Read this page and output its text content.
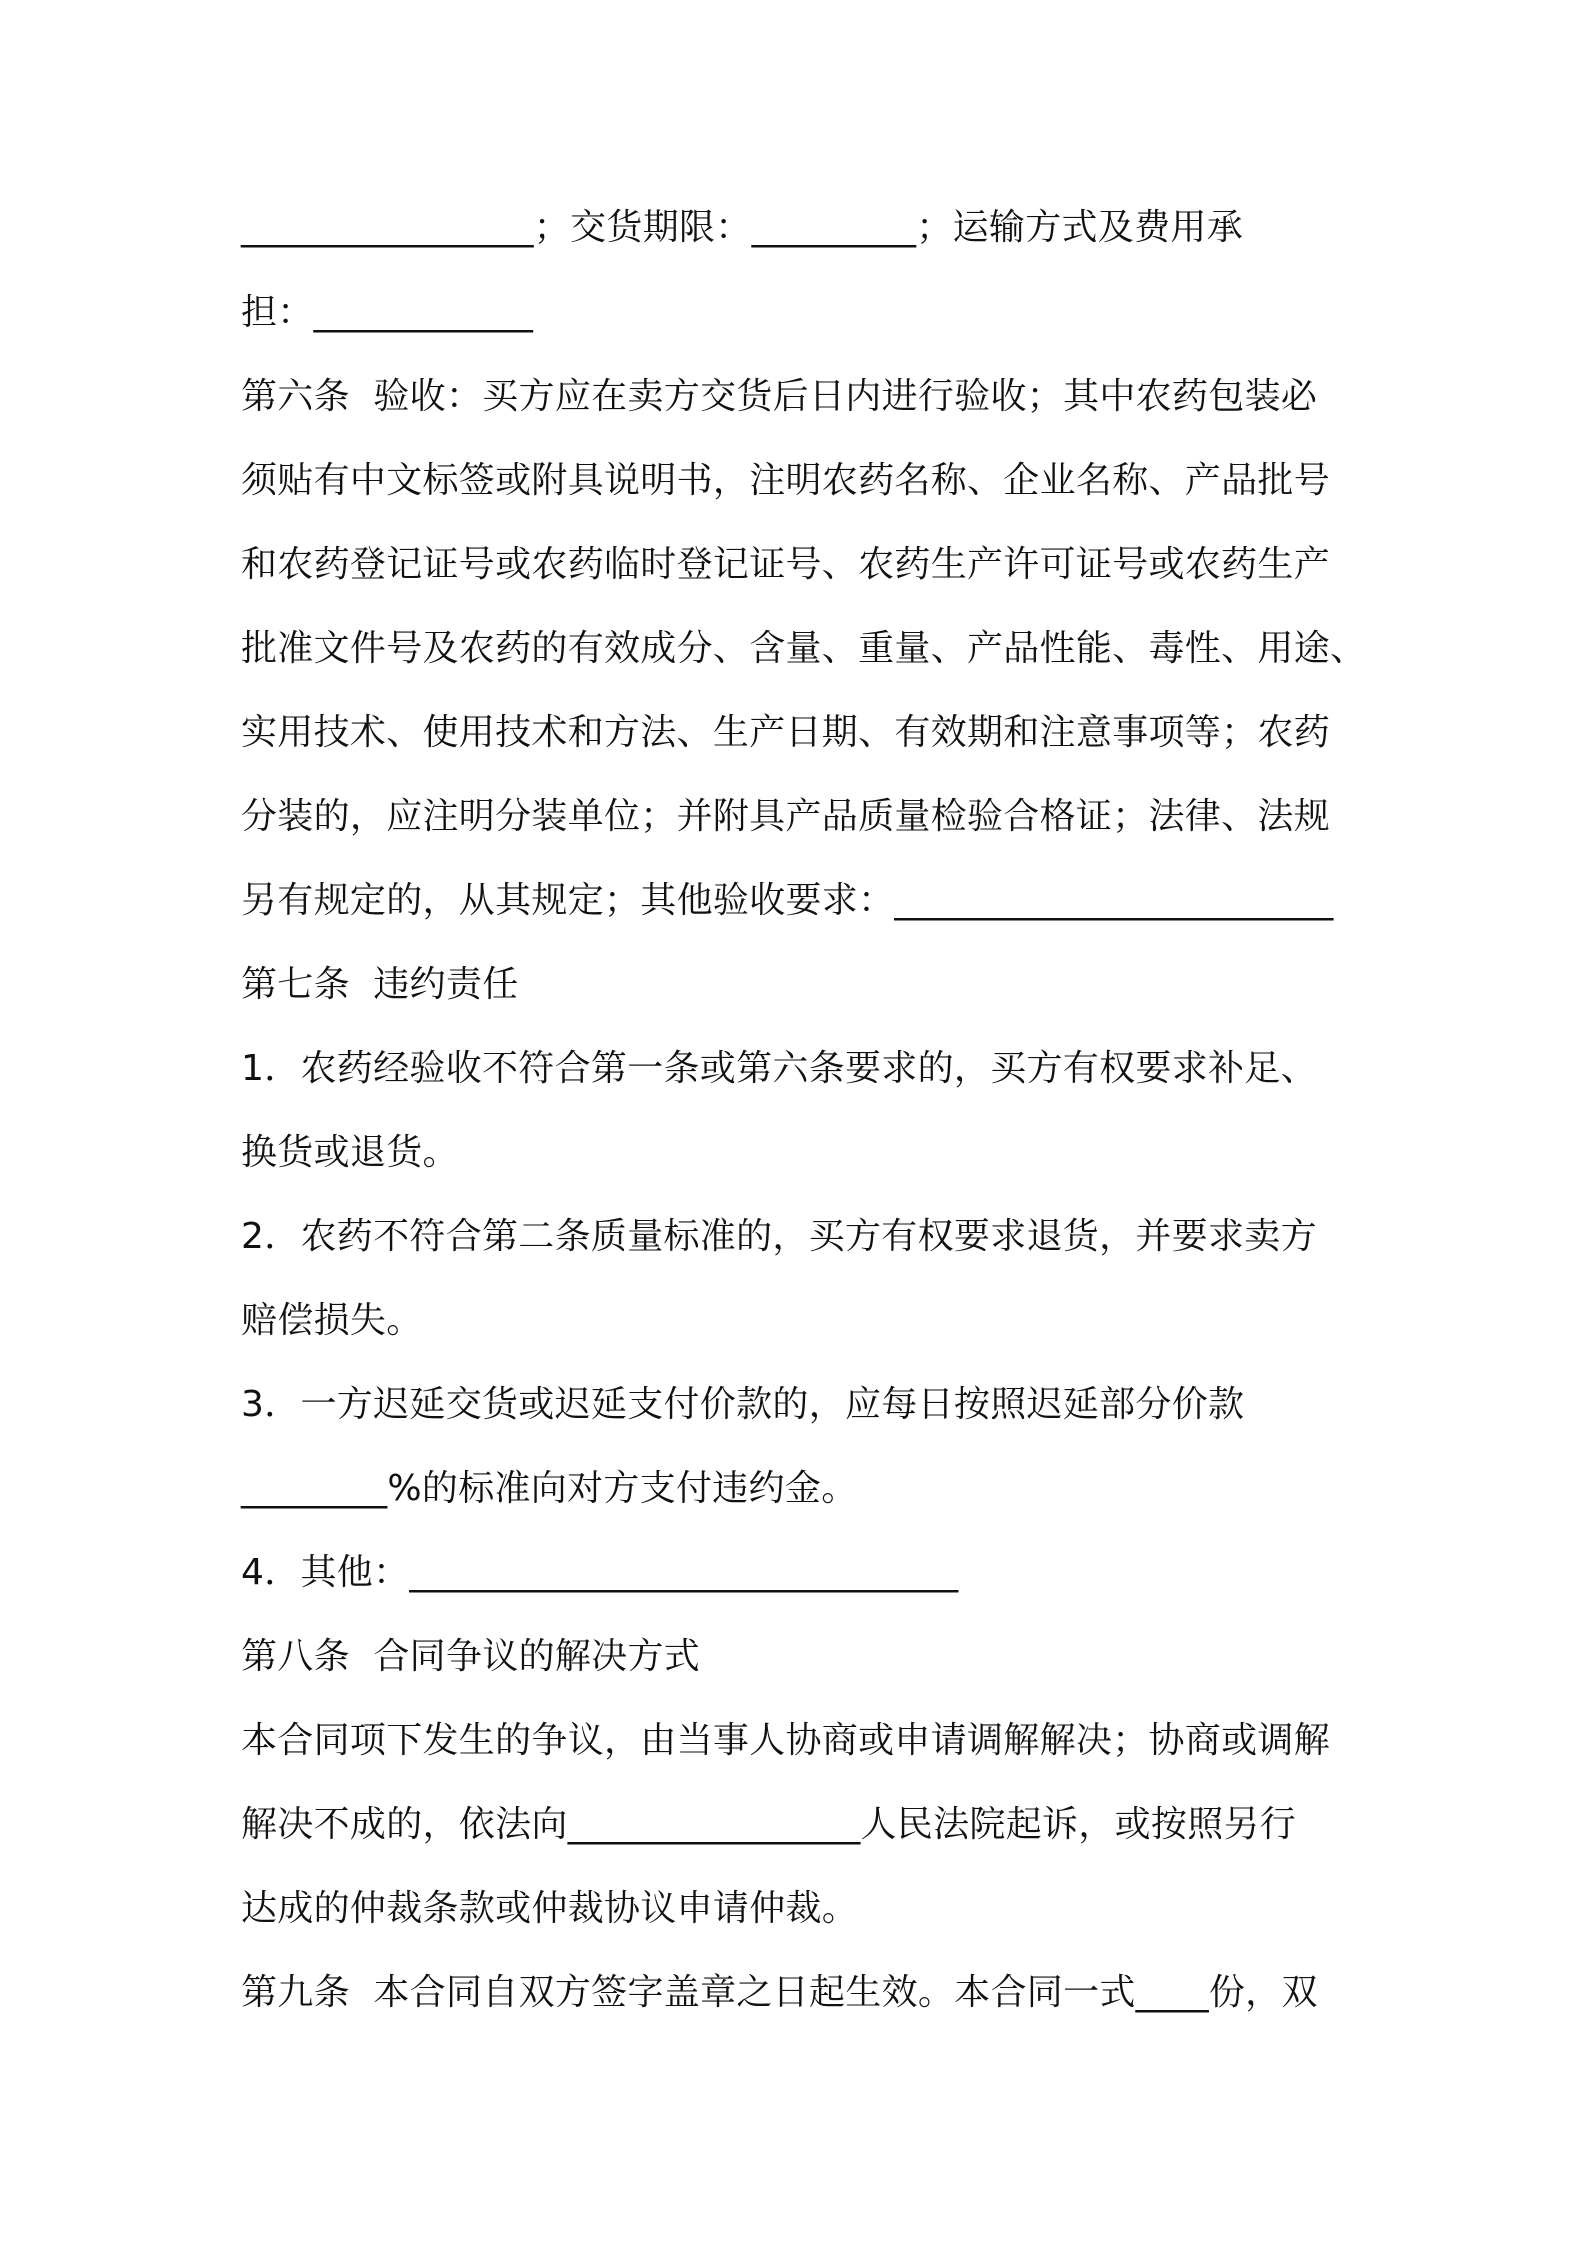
________________；交货期限：_________；运输方式及费用承
担：____________
第六条  验收：买方应在卖方交货后日内进行验收；其中农药包装必
须贴有中文标签或附具说明书，注明农药名称、企业名称、产品批号
和农药登记证号或农药临时登记证号、农药生产许可证号或农药生产
批准文件号及农药的有效成分、含量、重量、产品性能、毒性、用途、
实用技术、使用技术和方法、生产日期、有效期和注意事项等；农药
分装的，应注明分装单位；并附具产品质量检验合格证；法律、法规
另有规定的，从其规定；其他验收要求：________________________
第七条  违约责任
1．农药经验收不符合第一条或第六条要求的，买方有权要求补足、
换货或退货。
2．农药不符合第二条质量标准的，买方有权要求退货，并要求卖方
赔偿损失。
3．一方迟延交货或迟延支付价款的，应每日按照迟延部分价款
________%的标准向对方支付违约金。
4．其他：______________________________
第八条  合同争议的解决方式
本合同项下发生的争议，由当事人协商或申请调解解决；协商或调解
解决不成的，依法向________________人民法院起诉，或按照另行
达成的仲裁条款或仲裁协议申请仲裁。
第九条  本合同自双方签字盖章之日起生效。本合同一式____份，双
